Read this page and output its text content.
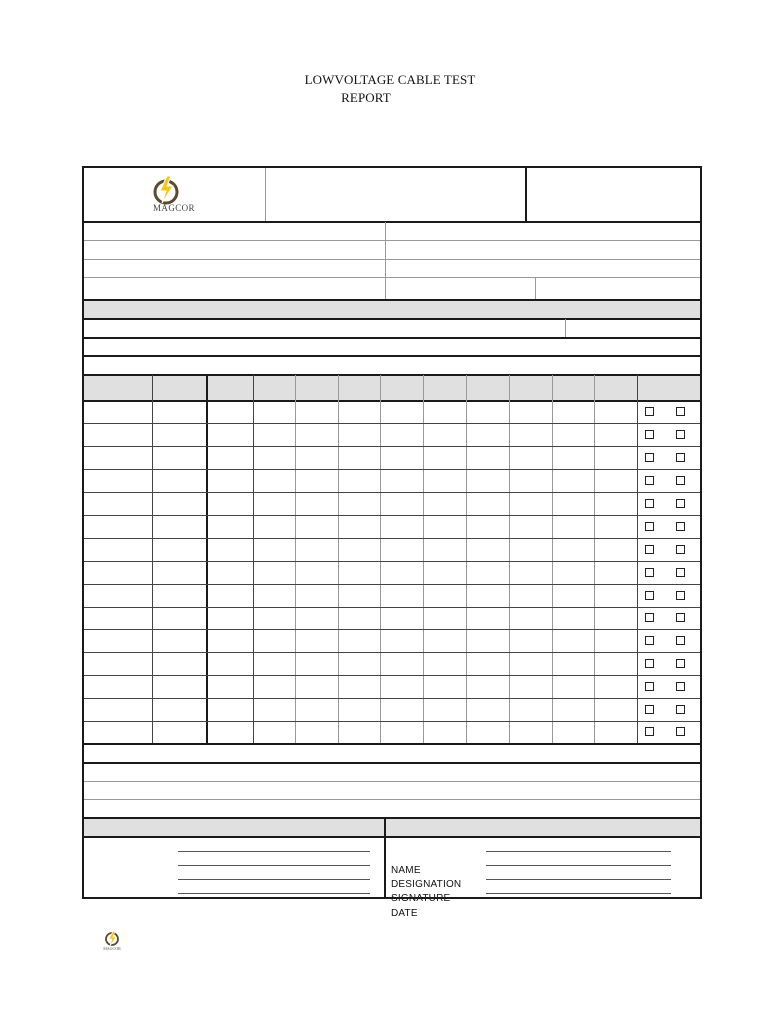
LOWVOLTAGE CABLE TEST
REPORT
MAGCOR
NAME
DESIGNATION
SIGNATURE
DATE
MAGCOR
